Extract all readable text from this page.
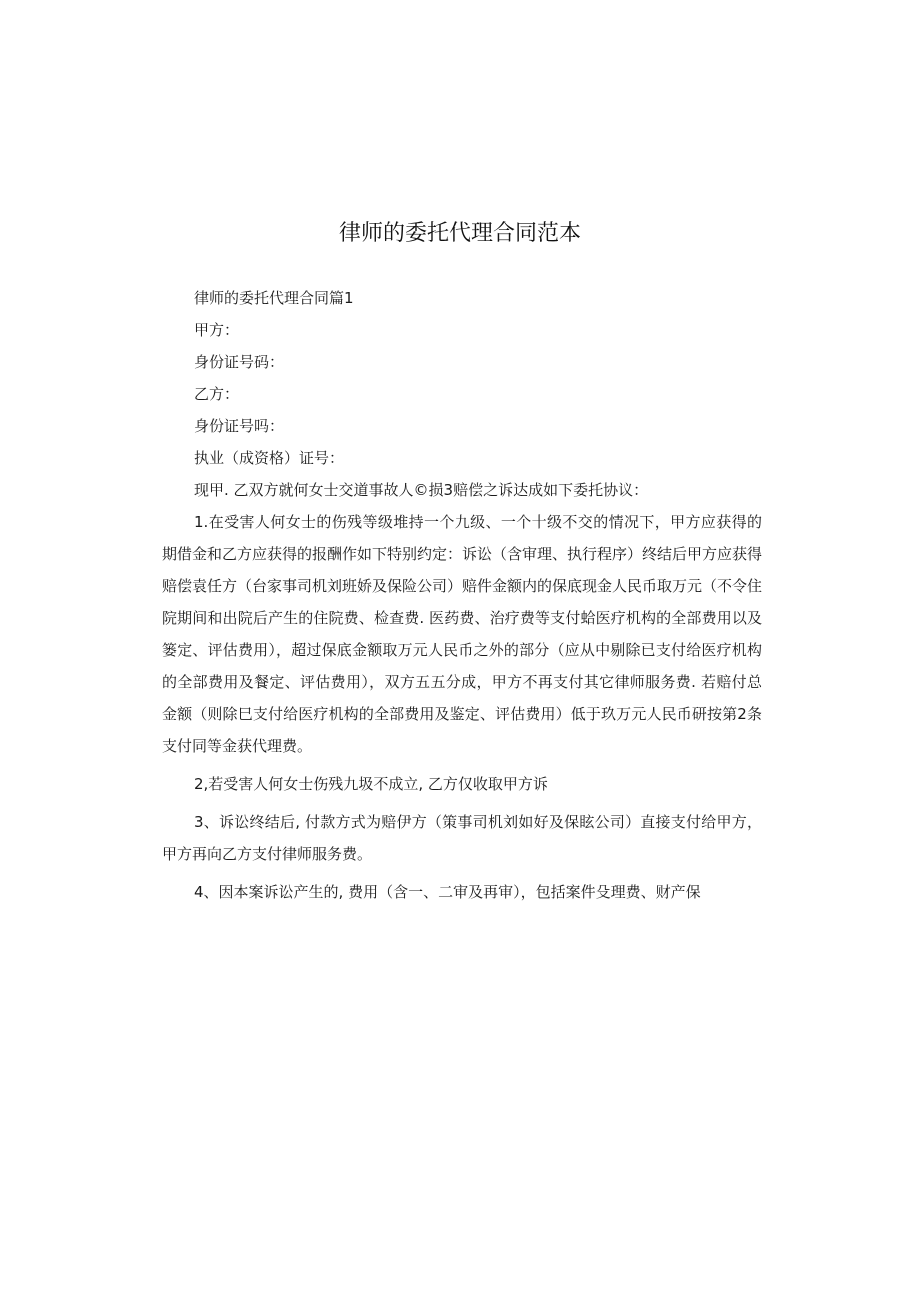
律师的委托代理合同范本

律师的委托代理合同篇1

甲方：

身份证号码：

乙方：

身份证号吗：

执业（成资格）证号：

现甲. 乙双方就何女士交道事故人©损3赔偿之诉达成如下委托协议：

1.在受害人何女士的伤残等级堆持一个九级、一个十级不交的情况下，甲方应获得的期借金和乙方应获得的报酬作如下特别约定：诉讼（含审理、执行程序）终结后甲方应获得赔偿袁任方（台家事司机刘班娇及保险公司）赔件金额内的保底现金人民币取万元（不令住院期间和出院后产生的住院费、检查费. 医药费、治疗费等支付蛤医疗机构的全部费用以及篓定、评估费用），超过保底金额取万元人民币之外的部分（应从中剔除已支付给医疗机构的全部费用及餐定、评估费用），双方五五分成，甲方不再支付其它律师服务费. 若赔付总金额（则除巳支付给医疗机构的全部费用及鉴定、评估费用）低于玖万元人民币研按第2条支付同等金获代理费。

2,若受害人何女士伤残九圾不成立, 乙方仅收取甲方诉

3、诉讼终结后, 付款方式为赔伊方（策事司机刘如好及保眩公司）直接支付给甲方，甲方再向乙方支付律师服务费。

4、因本案诉讼产生的, 费用（含一、二审及再审），包括案件殳理费、财产保
